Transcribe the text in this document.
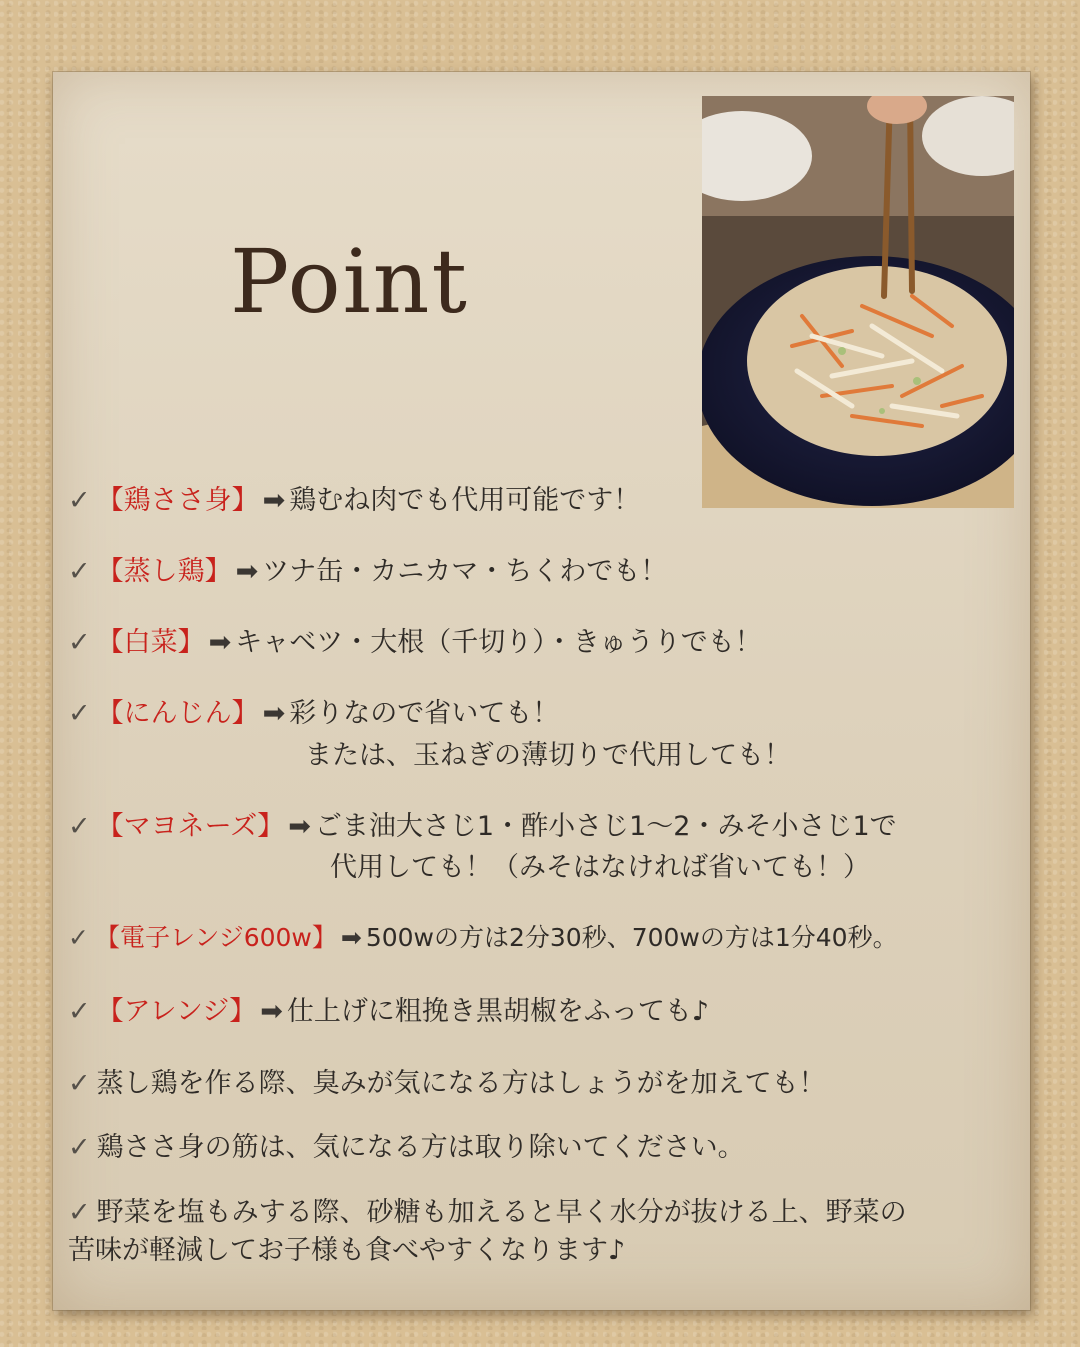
Point
✓ 【鶏ささ身】 ➡ 鶏むね肉でも代用可能です！
✓ 【蒸し鶏】 ➡ ツナ缶・カニカマ・ちくわでも！
✓ 【白菜】 ➡ キャベツ・大根（千切り）・きゅうりでも！
✓ 【にんじん】 ➡ 彩りなので省いても！
または、玉ねぎの薄切りで代用しても！
✓ 【マヨネーズ】 ➡ ごま油大さじ1・酢小さじ1〜2・みそ小さじ1で
代用しても！（みそはなければ省いても！）
✓ 【電子レンジ600w】 ➡ 500wの方は2分30秒、700wの方は1分40秒。
✓ 【アレンジ】 ➡ 仕上げに粗挽き黒胡椒をふっても♪
✓ 蒸し鶏を作る際、臭みが気になる方はしょうがを加えても！
✓ 鶏ささ身の筋は、気になる方は取り除いてください。
✓ 野菜を塩もみする際、砂糖も加えると早く水分が抜ける上、野菜の
苦味が軽減してお子様も食べやすくなります♪
